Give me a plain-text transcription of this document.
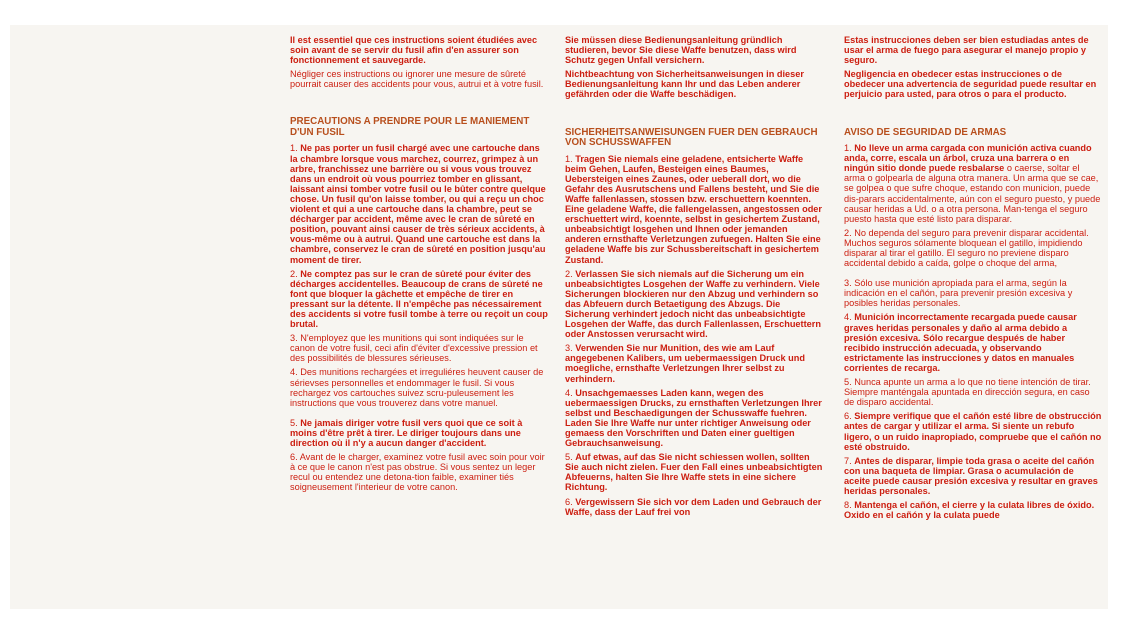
Il est essentiel que ces instructions soient étudiées avec soin avant de se servir du fusil afin d'en assurer son fonctionnement et sauvegarde.

Négliger ces instructions ou ignorer une mesure de sûreté pourrait causer des accidents pour vous, autrui et à votre fusil.

PRECAUTIONS A PRENDRE POUR LE MANIEMENT D'UN FUSIL

1. Ne pas porter un fusil chargé avec une cartouche dans la chambre lorsque vous marchez, courrez, grimpez à un arbre, franchissez une barrière ou si vous vous trouvez dans un endroit où vous pourriez tomber en glissant, laissant ainsi tomber votre fusil ou le bûter contre quelque chose. Un fusil qu'on laisse tomber, ou qui a reçu un choc violent et qui a une cartouche dans la chambre, peut se décharger par accident, même avec le cran de sûreté en position, pouvant ainsi causer de très sérieux accidents, à vous-même ou à autrui. Quand une cartouche est dans la chambre, conservez le cran de sûreté en position jusqu'au moment de tirer.

2. Ne comptez pas sur le cran de sûreté pour éviter des décharges accidentelles. Beaucoup de crans de sûreté ne font que bloquer la gâchette et empêche de tirer en pressant sur la détente. Il n'empêche pas nécessairement des accidents si votre fusil tombe à terre ou reçoit un coup brutal.

3. N'employez que les munitions qui sont indiquées sur le canon de votre fusil, ceci afin d'éviter d'excessive pression et des possibilités de blessures sérieuses.

4. Des munitions rechargées et irreguliéres heuvent causer de sérievses personnelles et endommager le fusil. Si vous rechargez vos cartouches suivez scru-puleusement les instructions que vous trouverez dans votre manuel.

5. Ne jamais diriger votre fusil vers quoi que ce soit à moins d'être prêt à tirer. Le diriger toujours dans une direction où il n'y a aucun danger d'accident.

6. Avant de le charger, examinez votre fusil avec soin pour voir à ce que le canon n'est pas obstrue. Si vous sentez un leger recul ou entendez une detona-tion faible, examiner tiés soigneusement l'interieur de votre canon.

Sie müssen diese Bedienungsanleitung gründlich studieren, bevor Sie diese Waffe benutzen, dass wird Schutz gegen Unfall versichern.

Nichtbeachtung von Sicherheitsanweisungen in dieser Bedienungsanleitung kann Ihr und das Leben anderer gefährden oder die Waffe beschädigen.

SICHERHEITSANWEISUNGEN FUER DEN GEBRAUCH VON SCHUSSWAFFEN

1. Tragen Sie niemals eine geladene, entsicherte Waffe beim Gehen, Laufen, Besteigen eines Baumes, Uebersteigen eines Zaunes, oder ueberall dort, wo die Gefahr des Ausrutschens und Fallens besteht, und Sie die Waffe fallenlassen, stossen bzw. erschuettern koennten. Eine geladene Waffe, die fallengelassen, angestossen oder erschuettert wird, koennte, selbst in gesichertem Zustand, unbeabsichtigt losgehen und Ihnen oder jemanden anderen ernsthafte Verletzungen zufuegen. Halten Sie eine geladene Waffe bis zur Schussbereitschaft in gesichertem Zustand.

2. Verlassen Sie sich niemals auf die Sicherung um ein unbeabsichtigtes Losgehen der Waffe zu verhindern. Viele Sicherungen blockieren nur den Abzug und verhindern so das Abfeuern durch Betaetigung des Abzugs. Die Sicherung verhindert jedoch nicht das unbeabsichtigte Losgehen der Waffe, das durch Fallenlassen, Erschuettern oder Anstossen verursacht wird.

3. Verwenden Sie nur Munition, des wie am Lauf angegebenen Kalibers, um uebermaessigen Druck und moegliche, ernsthafte Verletzungen Ihrer selbst zu verhindern.

4. Unsachgemaesses Laden kann, wegen des uebermaessigen Drucks, zu ernsthaften Verletzungen Ihrer selbst und Beschaedigungen der Schusswaffe fuehren. Laden Sie Ihre Waffe nur unter richtiger Anweisung oder gemaess den Vorschriften und Daten einer gueltigen Gebrauchsanweisung.

5. Auf etwas, auf das Sie nicht schiessen wollen, sollten Sie auch nicht zielen. Fuer den Fall eines unbeabsichtigten Abfeuerns, halten Sie Ihre Waffe stets in eine sichere Richtung.

6. Vergewissern Sie sich vor dem Laden und Gebrauch der Waffe, dass der Lauf frei von

Estas instrucciones deben ser bien estudiadas antes de usar el arma de fuego para asegurar el manejo propio y seguro.

Negligencia en obedecer estas instrucciones o de obedecer una advertencia de seguridad puede resultar en perjuicio para usted, para otros o para el producto.

AVISO DE SEGURIDAD DE ARMAS

1. No lleve un arma cargada con munición activa cuando anda, corre, escala un árbol, cruza una barrera o en ningún sitio donde puede resbalarse o caerse, soltar el arma o golpearla de alguna otra manera. Un arma que se cae, se golpea o que sufre choque, estando con municion, puede dis-parars accidentalmente, aún con el seguro puesto, y puede causar heridas a Ud. o a otra persona. Man-tenga el seguro puesto hasta que esté listo para disparar.

2. No dependa del seguro para prevenir disparar accidental. Muchos seguros sólamente bloquean el gatillo, impidiendo disparar al tirar el gatillo. El seguro no previene disparo accidental debido a caída, golpe o choque del arma,

3. Sólo use munición apropiada para el arma, según la indicación en el cañón, para prevenir presión excesiva y posibles heridas personales.

4. Munición incorrectamente recargada puede causar graves heridas personales y daño al arma debido a presión excesiva. Sólo recargue después de haber recibido instrucción adecuada, y observando estrictamente las instrucciones y datos en manuales corrientes de recarga.

5. Nunca apunte un arma a lo que no tiene intención de tirar. Siempre manténgala apuntada en dirección segura, en caso de disparo accidental.

6. Siempre verifique que el cañón esté libre de obstrucción antes de cargar y utilizar el arma. Si siente un rebufo ligero, o un ruido inapropiado, compruebe que el cañón no esté obstruido.

7. Antes de disparar, limpie toda grasa o aceite del cañón con una baqueta de limpiar. Grasa o acumulación de aceite puede causar presión excesiva y resultar en graves heridas personales.

8. Mantenga el cañón, el cierre y la culata libres de óxido. Oxido en el cañón y la culata puede
